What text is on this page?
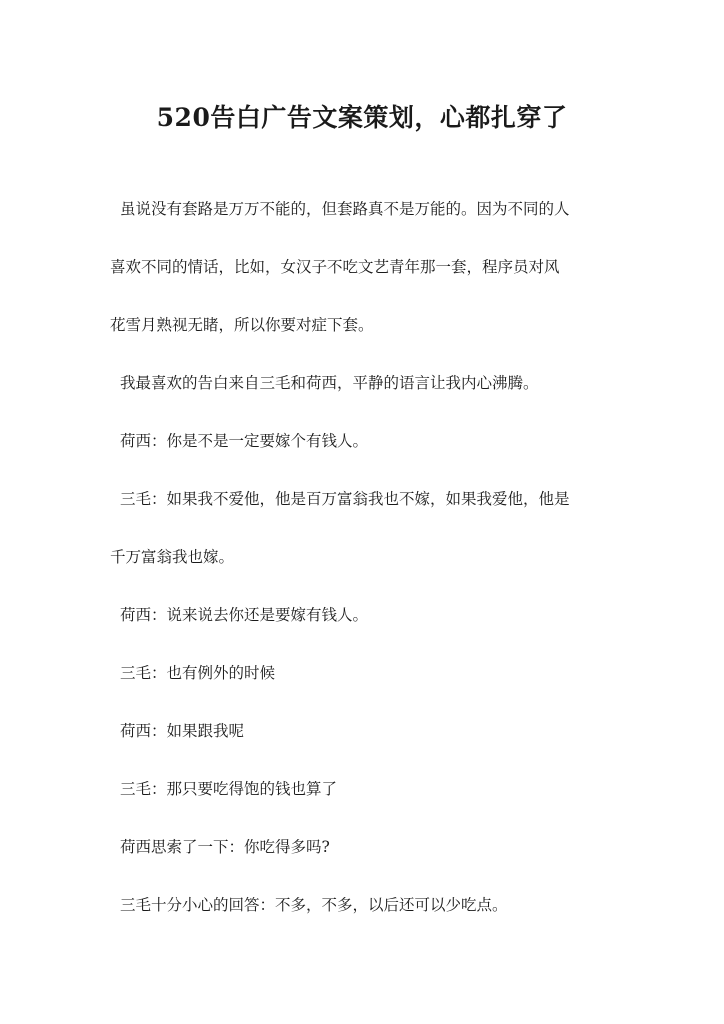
520告白广告文案策划，心都扎穿了

虽说没有套路是万万不能的，但套路真不是万能的。因为不同的人

喜欢不同的情话，比如，女汉子不吃文艺青年那一套，程序员对风

花雪月熟视无睹，所以你要对症下套。

我最喜欢的告白来自三毛和荷西，平静的语言让我内心沸腾。

荷西：你是不是一定要嫁个有钱人。

三毛：如果我不爱他，他是百万富翁我也不嫁，如果我爱他，他是

千万富翁我也嫁。

荷西：说来说去你还是要嫁有钱人。

三毛：也有例外的时候

荷西：如果跟我呢

三毛：那只要吃得饱的钱也算了

荷西思索了一下：你吃得多吗?

三毛十分小心的回答：不多，不多，以后还可以少吃点。
